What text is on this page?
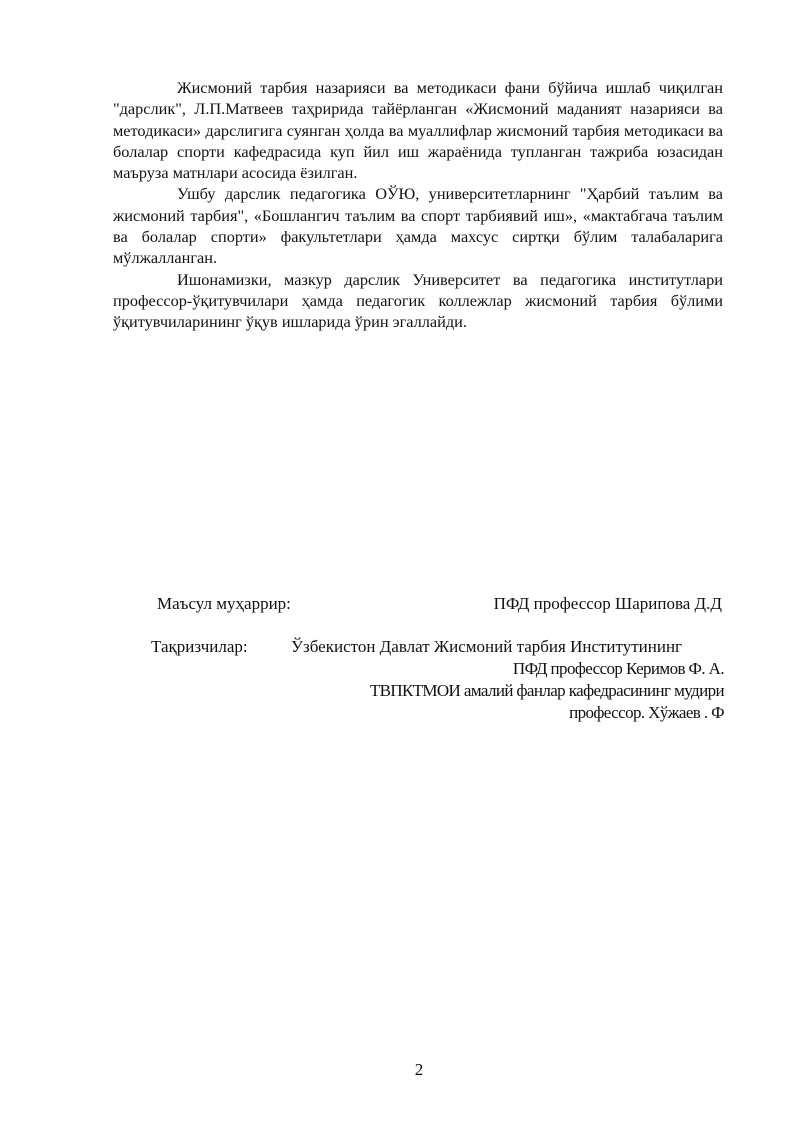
Жисмоний тарбия назарияси ва методикаси фани бўйича ишлаб чиқилган "дарслик", Л.П.Матвеев таҳририда тайёрланган «Жисмоний маданият назарияси ва методикаси» дарслигига суянган ҳолда ва муаллифлар жисмоний тарбия методикаси ва болалар спорти кафедрасида куп йил иш жараёнида тупланган тажриба юзасидан маъруза матнлари асосида ёзилган.

Ушбу дарслик педагогика ОЎЮ, университетларнинг "Ҳарбий таълим ва жисмоний тарбия", «Бошлангич таълим ва спорт тарбиявий иш», «мактабгача таълим ва болалар спорти» факультетлари ҳамда махсус сиртқи бўлим талабаларига мўлжалланган.

Ишонамизки, мазкур дарслик Университет ва педагогика институтлари профессор-ўқитувчилари ҳамда педагогик коллежлар жисмоний тарбия бўлими ўқитувчиларининг ўқув ишларида ўрин эгаллайди.

Маъсул муҳаррир:	ПФД профессор Шарипова Д.Д
Тақризчилар:	Ўзбекистон Давлат Жисмоний тарбия Институтининг
ПФД профессор Керимов Ф. А.
ТВПКТМОИ амалий фанлар кафедрасининг мудири
профессор. Хўжаев . Ф
2
